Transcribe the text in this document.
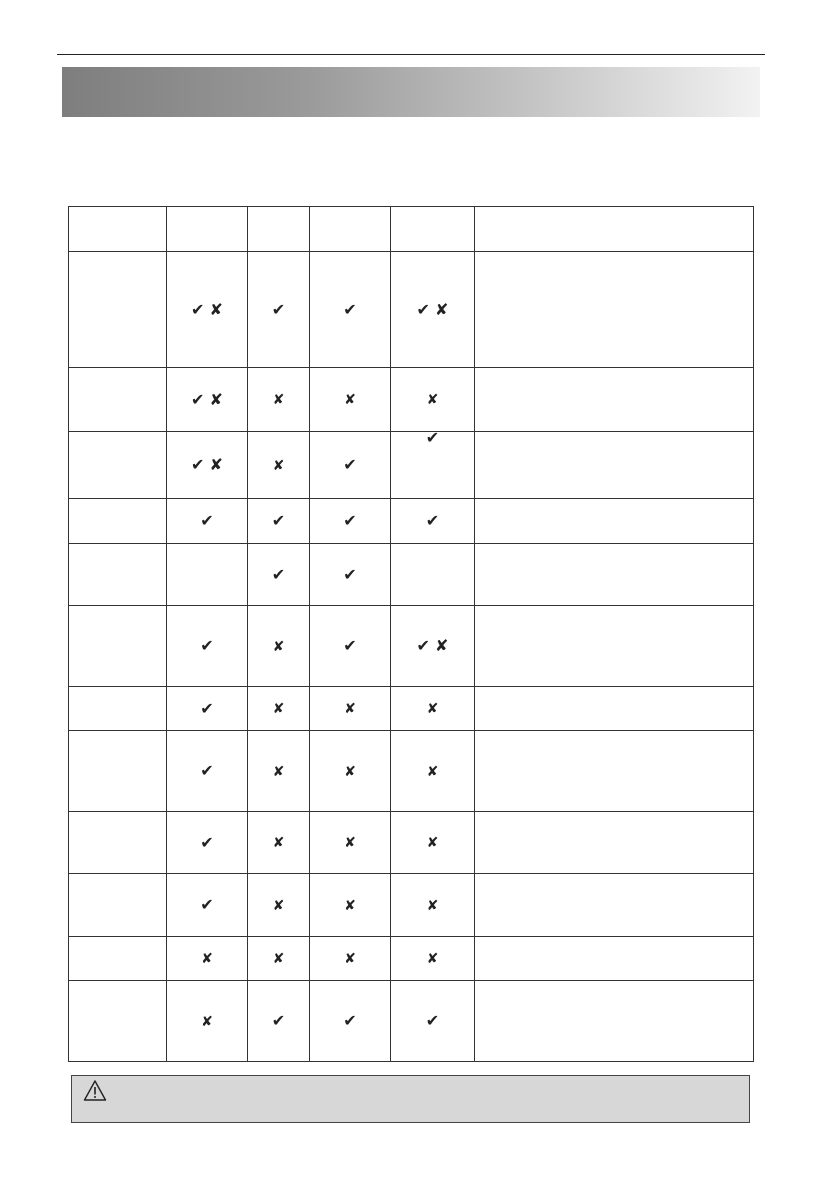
	✔ ✘	✔	✔	✔ ✘	
	✔ ✘	✘	✘	✘	
	✔ ✘	✘	✔	✔	
	✔	✔	✔	✔	
		✔	✔		
	✔	✘	✔	✔ ✘	
	✔	✘	✘	✘	
	✔	✘	✘	✘	
	✔	✘	✘	✘	
	✔	✘	✘	✘	
	✘	✘	✘	✘	
	✘	✔	✔	✔	
